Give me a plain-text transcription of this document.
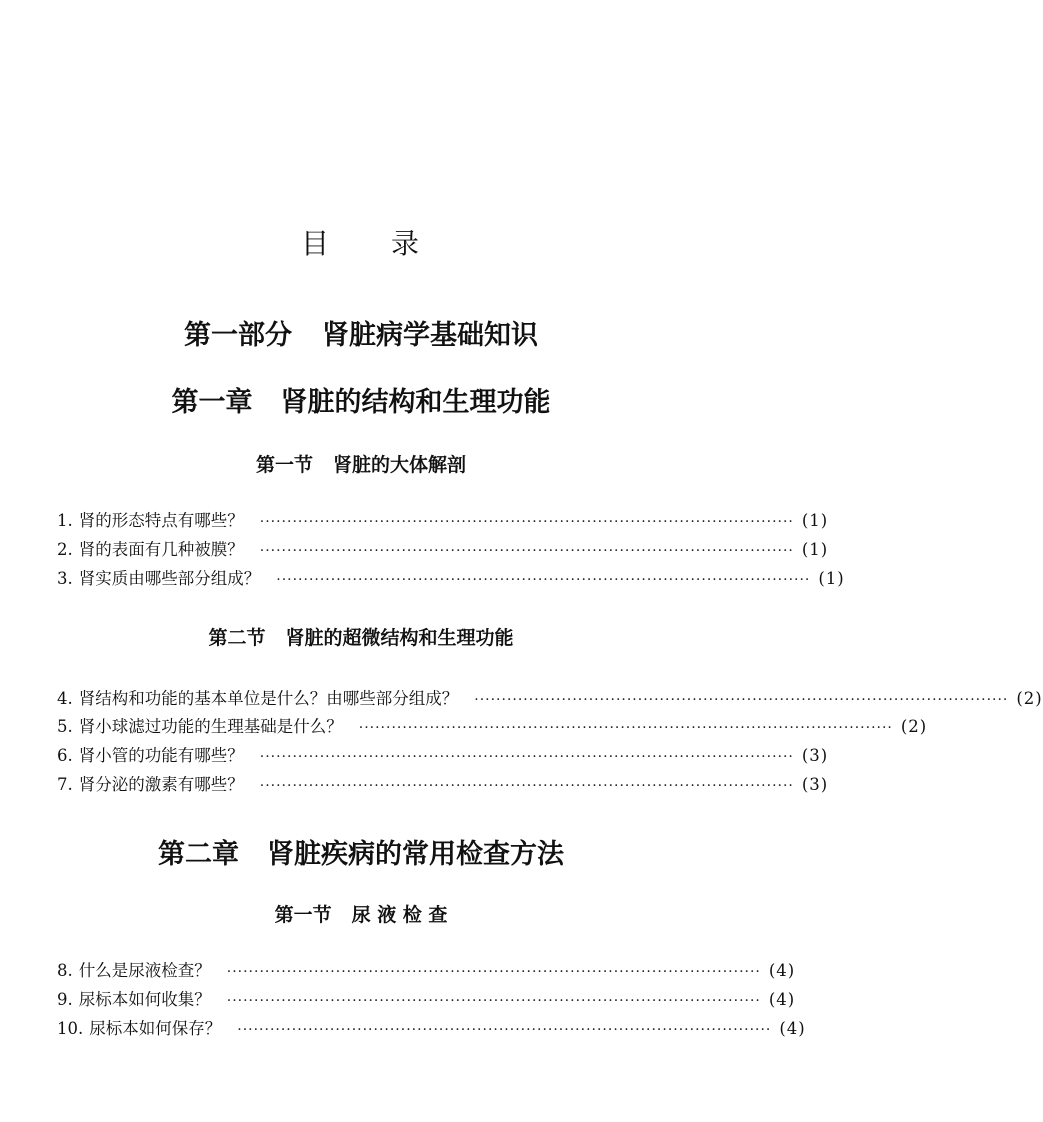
目 录
第一部分 肾脏病学基础知识
第一章 肾脏的结构和生理功能
第一节 肾脏的大体解剖
1. 肾的形态特点有哪些？ ·································································································· (1)
2. 肾的表面有几种被膜？ ·································································································· (1)
3. 肾实质由哪些部分组成？ ·································································································· (1)
第二节 肾脏的超微结构和生理功能
4. 肾结构和功能的基本单位是什么？由哪些部分组成？ ·································································································· (2)
5. 肾小球滤过功能的生理基础是什么？ ·································································································· (2)
6. 肾小管的功能有哪些？ ·································································································· (3)
7. 肾分泌的激素有哪些？ ·································································································· (3)
第二章 肾脏疾病的常用检查方法
第一节 尿 液 检 查
8. 什么是尿液检查？ ·································································································· (4)
9. 尿标本如何收集？ ·································································································· (4)
10. 尿标本如何保存？ ·································································································· (4)
